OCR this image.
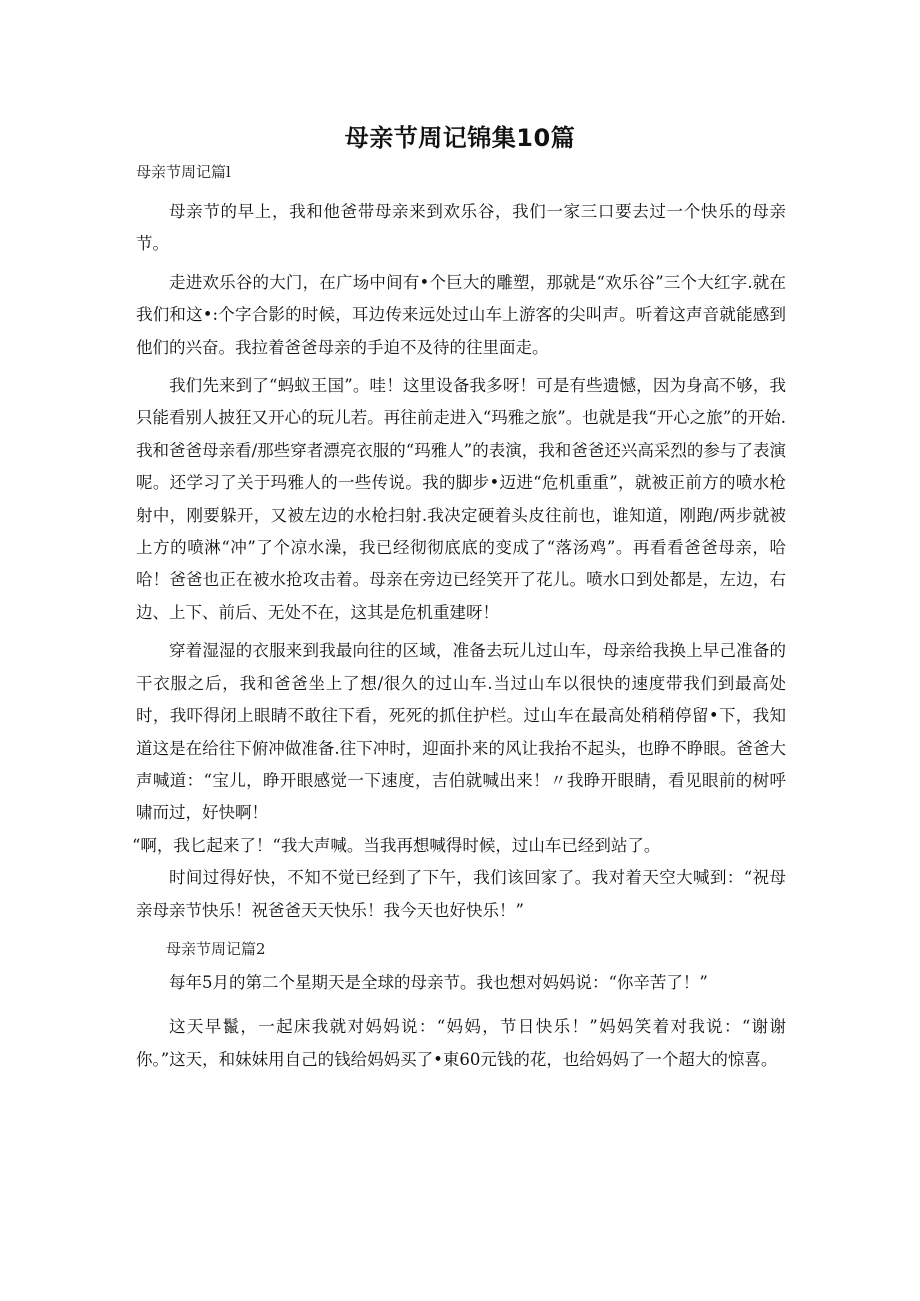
母亲节周记锦集10篇

母亲节周记篇l

母亲节的早上，我和他爸带母亲来到欢乐谷，我们一家三口要去过一个快乐的母亲节。

走进欢乐谷的大门，在广场中间有•个巨大的雕塑，那就是“欢乐谷”三个大红字.就在我们和这•:个字合影的时候，耳边传来远处过山车上游客的尖叫声。听着这声音就能感到他们的兴奋。我拉着爸爸母亲的手迫不及待的往里面走。

我们先来到了“蚂蚁王国”。哇！这里设备我多呀！可是有些遗憾，因为身高不够，我只能看别人披狂又开心的玩儿若。再往前走进入“玛雅之旅”。也就是我“开心之旅”的开始.我和爸爸母亲看/那些穿者漂亮衣服的“玛雅人”的表演，我和爸爸还兴高采烈的参与了表演呢。还学习了关于玛雅人的一些传说。我的脚步•迈进“危机重重”，就被正前方的喷水枪射中，刚要躲开，又被左边的水枪扫射.我决定硬着头皮往前也，谁知道，刚跑/两步就被上方的喷淋“冲”了个凉水澡，我已经彻彻底底的变成了“落汤鸡”。再看看爸爸母亲，哈哈！爸爸也正在被水抢攻击着。母亲在旁边已经笑开了花儿。喷水口到处都是，左边，右边、上下、前后、无处不在，这其是危机重建呀！

穿着湿湿的衣服来到我最向往的区域，准备去玩儿过山车，母亲给我换上早己准备的干衣服之后，我和爸爸坐上了想/很久的过山车.当过山车以很快的速度带我们到最高处时，我吓得闭上眼睛不敢往下看，死死的抓住护栏。过山车在最高处稍稍停留•下，我知道这是在给往下俯冲做准备.往下冲时，迎面扑来的风让我抬不起头，也睁不睁眼。爸爸大声喊道：“宝儿，睁开眼感觉一下速度，吉伯就喊出来！〃我睁开眼睛，看见眼前的树呼啸而过，好快啊！

“啊，我匕起来了！“我大声喊。当我再想喊得时候，过山车已经到站了。

时间过得好快，不知不觉已经到了下午，我们该回家了。我对着天空大喊到：“祝母亲母亲节快乐！祝爸爸天天快乐！我今天也好快乐！”

母亲节周记篇2

每年5月的第二个星期天是全球的母亲节。我也想对妈妈说：“你辛苦了！”

这天早鬣，一起床我就对妈妈说：“妈妈，节日快乐！”妈妈笑着对我说：“谢谢你。”这天，和妹妹用自己的钱给妈妈买了•東60元钱的花，也给妈妈了一个超大的惊喜。
